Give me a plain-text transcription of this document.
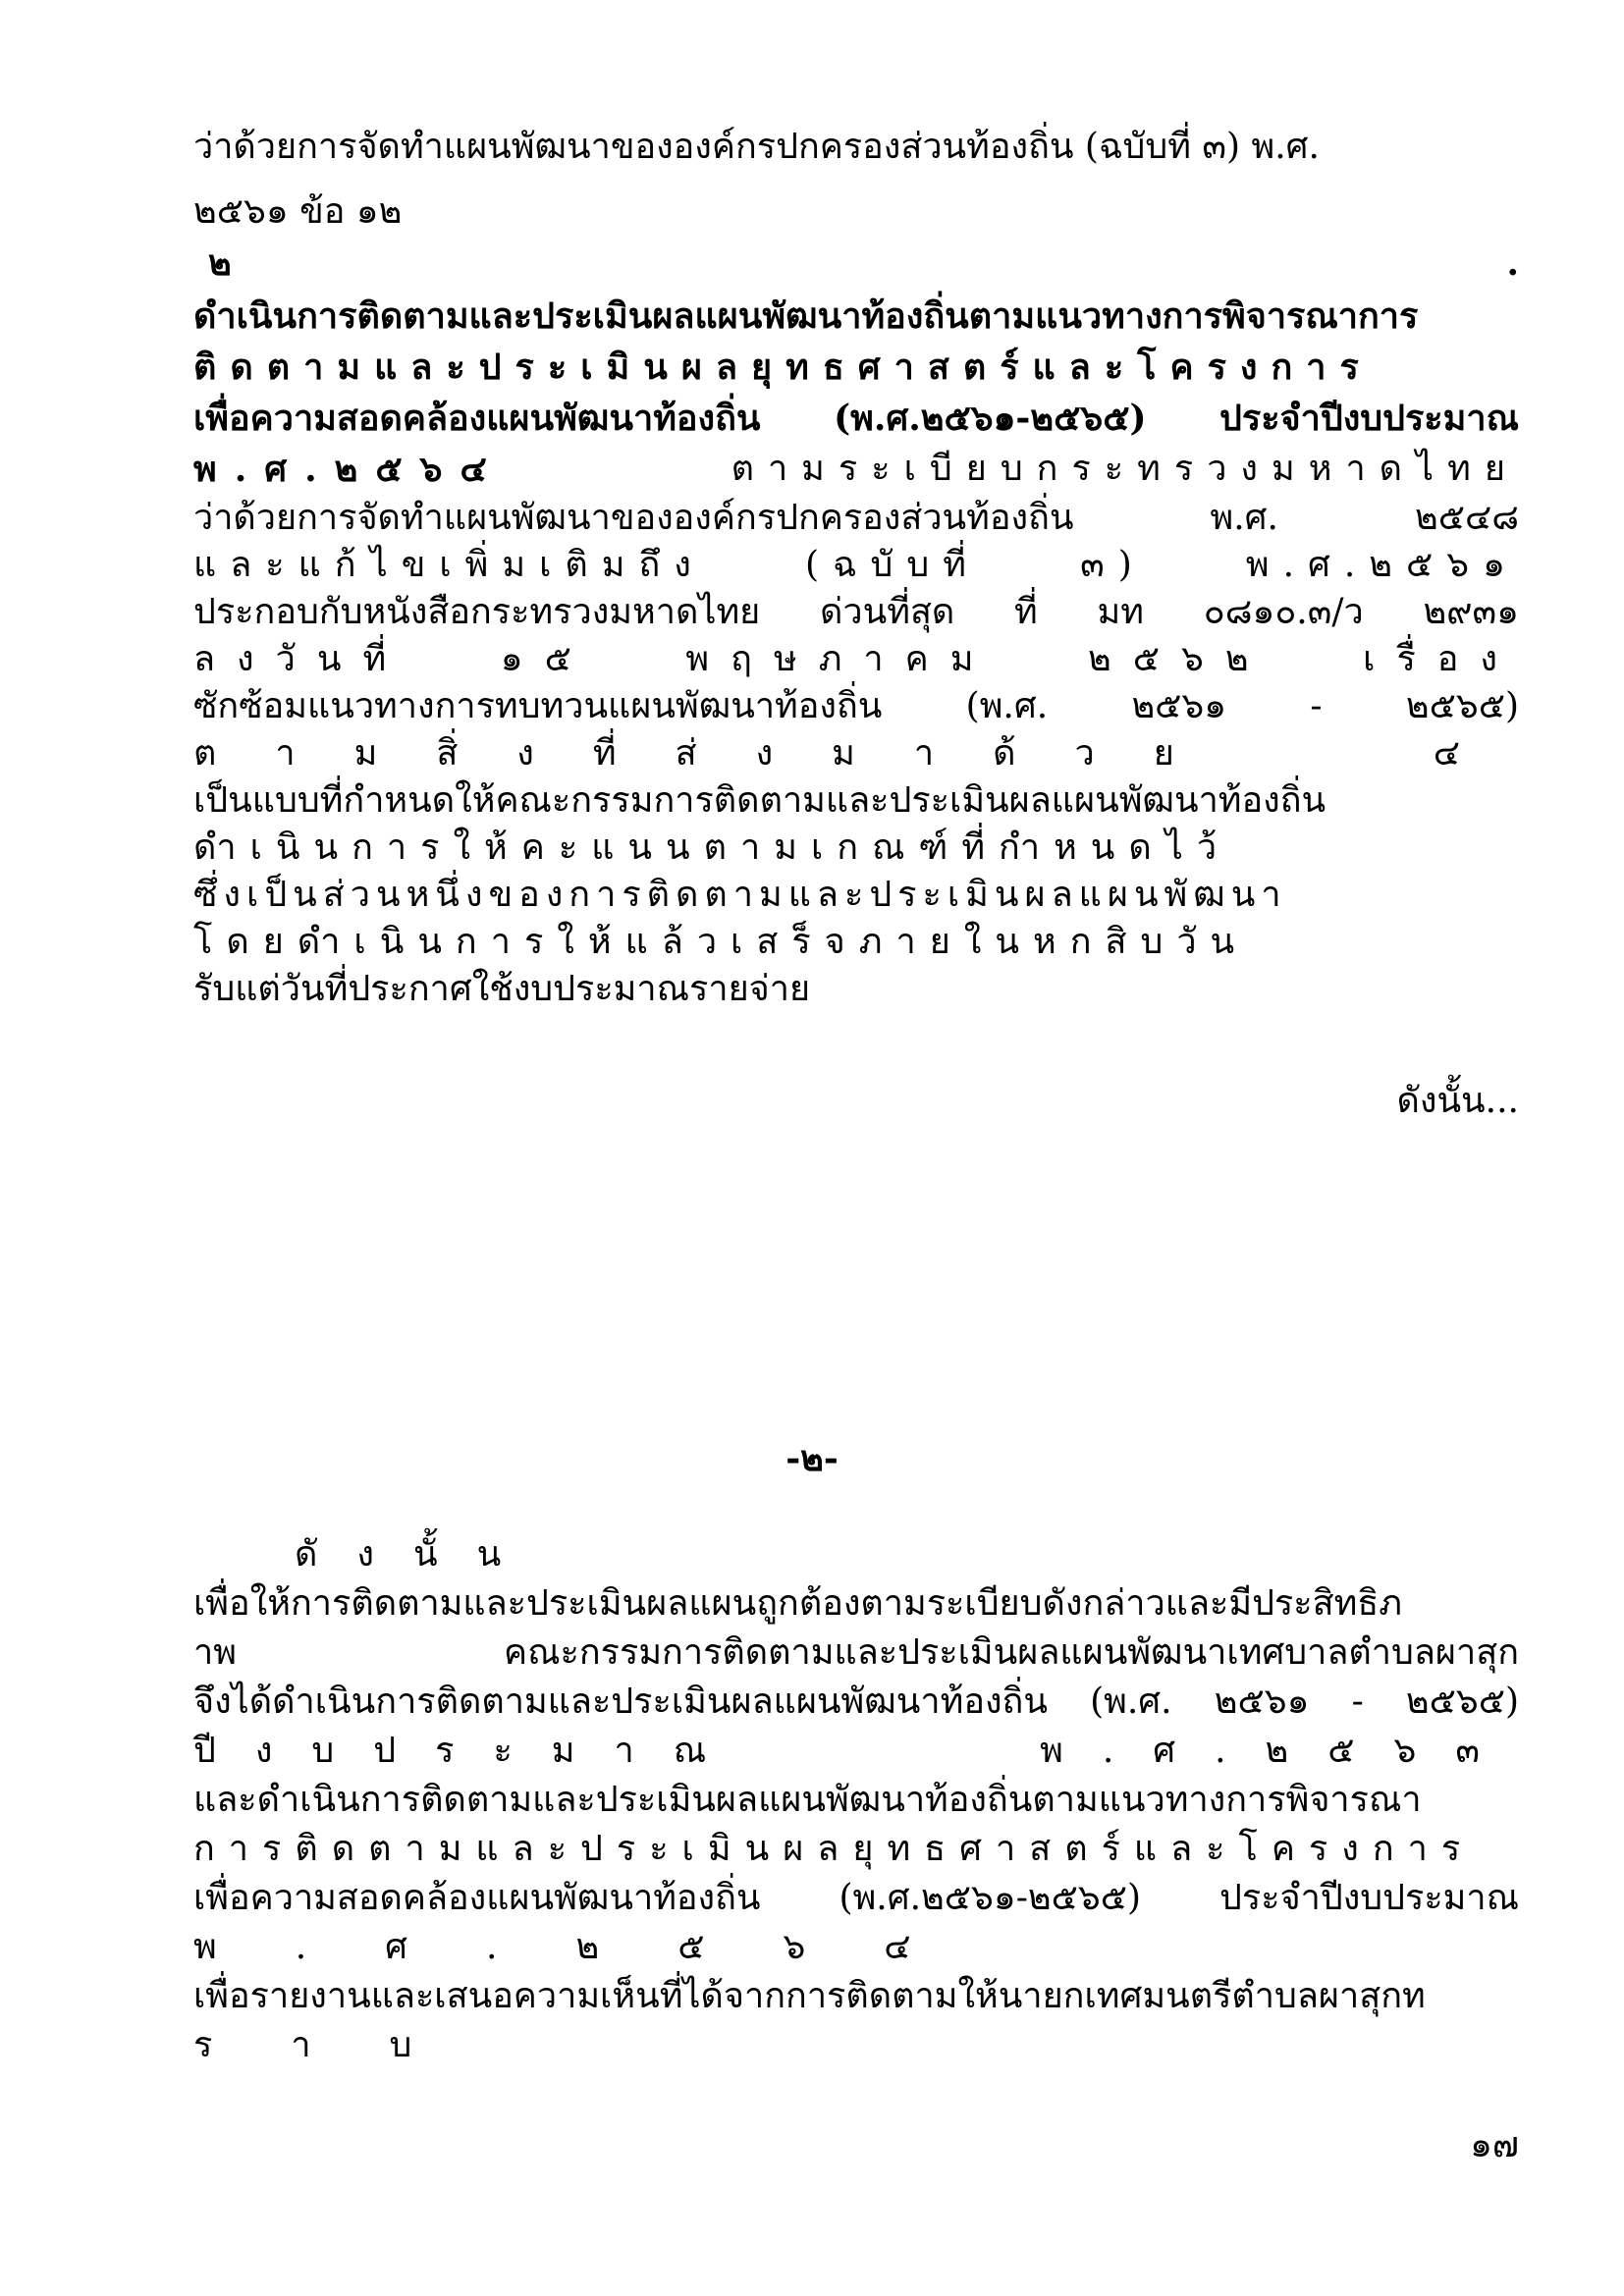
ว่าด้วยการจัดทำแผนพัฒนาขององค์กรปกครองส่วนท้องถิ่น (ฉบับที่ ๓) พ.ศ.

๒๕๖๑ ข้อ ๑๒

๒	.

ดำเนินการติดตามและประเมินผลแผนพัฒนาท้องถิ่นตามแนวทางการพิจารณาการ

ติดตามและประเมินผลยุทธศาสตร์และโครงการ

เพื่อความสอดคล้องแผนพัฒนาท้องถิ่น (พ.ศ.๒๕๖๑-๒๕๖๕) ประจำปีงบประมาณ

พ.ศ.๒๕๖๔	ตามระเบียบกระทรวงมหาดไทย

ว่าด้วยการจัดทำแผนพัฒนาขององค์กรปกครองส่วนท้องถิ่น พ.ศ. ๒๕๔๘

และแก้ไขเพิ่มเติมถึง (ฉบับที่ ๓) พ.ศ.๒๕๖๑

ประกอบกับหนังสือกระทรวงมหาดไทย ด่วนที่สุด ที่ มท ๐๘๑๐.๓/ว ๒๙๓๑

ลงวันที่ ๑๕ พฤษภาคม ๒๕๖๒ เรื่อง

ซักซ้อมแนวทางการทบทวนแผนพัฒนาท้องถิ่น (พ.ศ. ๒๕๖๑ - ๒๕๖๕)

ตามสิ่งที่ส่งมาด้วย ๔

เป็นแบบที่กำหนดให้คณะกรรมการติดตามและประเมินผลแผนพัฒนาท้องถิ่น

ดำเนินการให้คะแนนตามเกณฑ์ที่กำหนดไว้

ซึ่งเป็นส่วนหนึ่งของการติดตามและประเมินผลแผนพัฒนา

โดยดำเนินการให้แล้วเสร็จภายในหกสิบวัน

รับแต่วันที่ประกาศใช้งบประมาณรายจ่าย

ดังนั้น...

-๒-

ดังนั้น

เพื่อให้การติดตามและประเมินผลแผนถูกต้องตามระเบียบดังกล่าวและมีประสิทธิภ

าพ คณะกรรมการติดตามและประเมินผลแผนพัฒนาเทศบาลตำบลผาสุก

จึงได้ดำเนินการติดตามและประเมินผลแผนพัฒนาท้องถิ่น (พ.ศ. ๒๕๖๑ - ๒๕๖๕)

ปีงบประมาณ พ.ศ.๒๕๖๓

และดำเนินการติดตามและประเมินผลแผนพัฒนาท้องถิ่นตามแนวทางการพิจารณา

การติดตามและประเมินผลยุทธศาสตร์และโครงการ

เพื่อความสอดคล้องแผนพัฒนาท้องถิ่น (พ.ศ.๒๕๖๑-๒๕๖๕) ประจำปีงบประมาณ

พ.ศ.๒๕๖๔

เพื่อรายงานและเสนอความเห็นที่ได้จากการติดตามให้นายกเทศมนตรีตำบลผาสุกท

ราบ

๑๗
